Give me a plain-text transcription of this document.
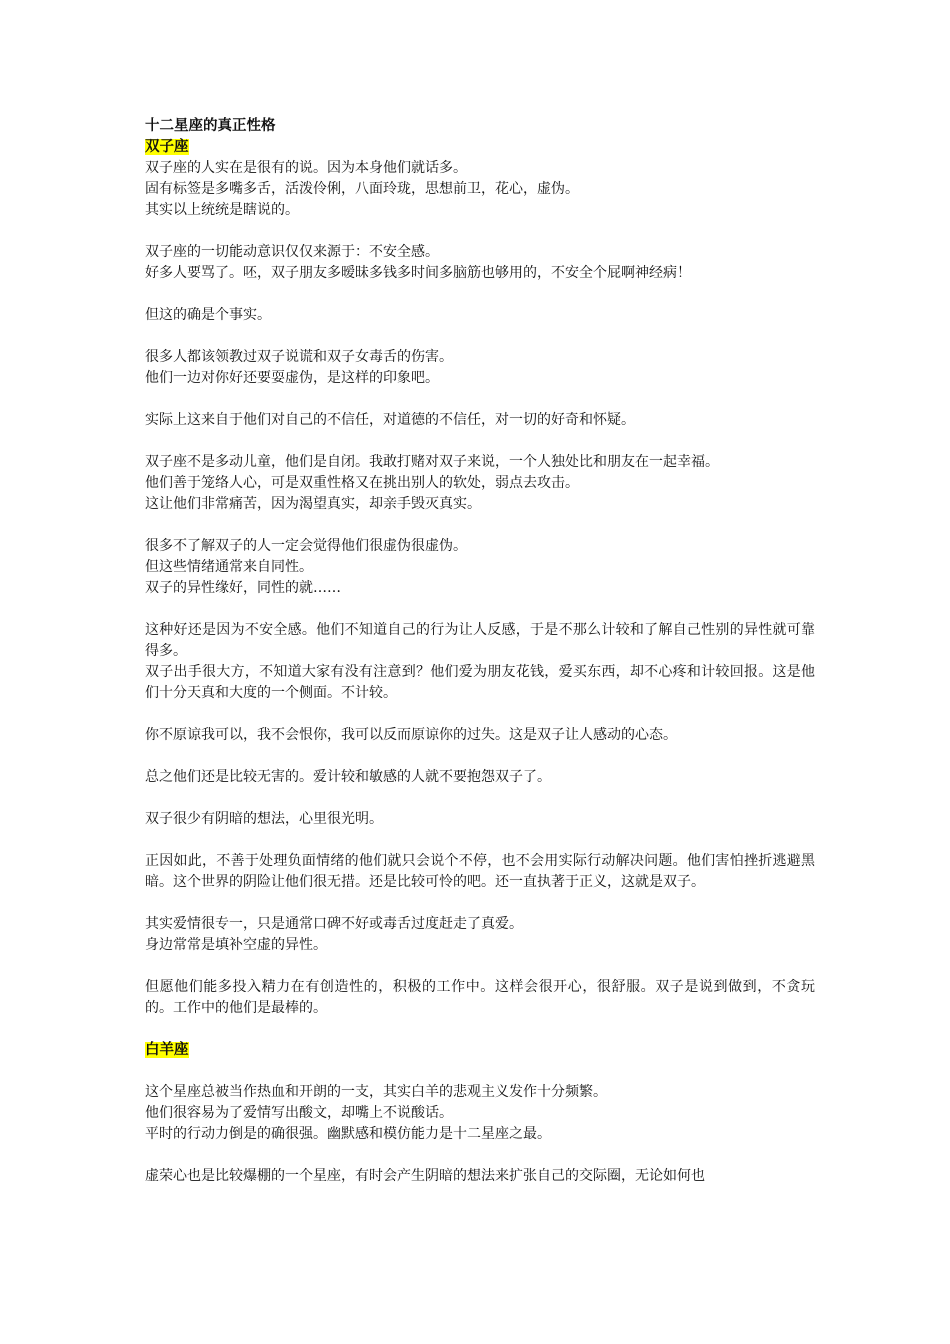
十二星座的真正性格

双子座

双子座的人实在是很有的说。因为本身他们就话多。
固有标签是多嘴多舌，活泼伶俐，八面玲珑，思想前卫，花心，虚伪。
其实以上统统是瞎说的。
双子座的一切能动意识仅仅来源于：不安全感。
好多人要骂了。呸，双子朋友多暧昧多钱多时间多脑筋也够用的，不安全个屁啊神经病！
但这的确是个事实。
很多人都该领教过双子说谎和双子女毒舌的伤害。
他们一边对你好还要耍虚伪，是这样的印象吧。
实际上这来自于他们对自己的不信任，对道德的不信任，对一切的好奇和怀疑。
双子座不是多动儿童，他们是自闭。我敢打赌对双子来说，一个人独处比和朋友在一起幸福。
他们善于笼络人心，可是双重性格又在挑出别人的软处，弱点去攻击。
这让他们非常痛苦，因为渴望真实，却亲手毁灭真实。
很多不了解双子的人一定会觉得他们很虚伪很虚伪。
但这些情绪通常来自同性。
双子的异性缘好，同性的就……
这种好还是因为不安全感。他们不知道自己的行为让人反感，于是不那么计较和了解自己性别的异性就可靠得多。
双子出手很大方，不知道大家有没有注意到？他们爱为朋友花钱，爱买东西，却不心疼和计较回报。这是他们十分天真和大度的一个侧面。不计较。
你不原谅我可以，我不会恨你，我可以反而原谅你的过失。这是双子让人感动的心态。
总之他们还是比较无害的。爱计较和敏感的人就不要抱怨双子了。
双子很少有阴暗的想法，心里很光明。
正因如此，不善于处理负面情绪的他们就只会说个不停，也不会用实际行动解决问题。他们害怕挫折逃避黑暗。这个世界的阴险让他们很无措。还是比较可怜的吧。还一直执著于正义，这就是双子。
其实爱情很专一，只是通常口碑不好或毒舌过度赶走了真爱。
身边常常是填补空虚的异性。
但愿他们能多投入精力在有创造性的，积极的工作中。这样会很开心，很舒服。双子是说到做到，不贪玩的。工作中的他们是最棒的。

白羊座

这个星座总被当作热血和开朗的一支，其实白羊的悲观主义发作十分频繁。
他们很容易为了爱情写出酸文，却嘴上不说酸话。
平时的行动力倒是的确很强。幽默感和模仿能力是十二星座之最。
虚荣心也是比较爆棚的一个星座，有时会产生阴暗的想法来扩张自己的交际圈，无论如何也
